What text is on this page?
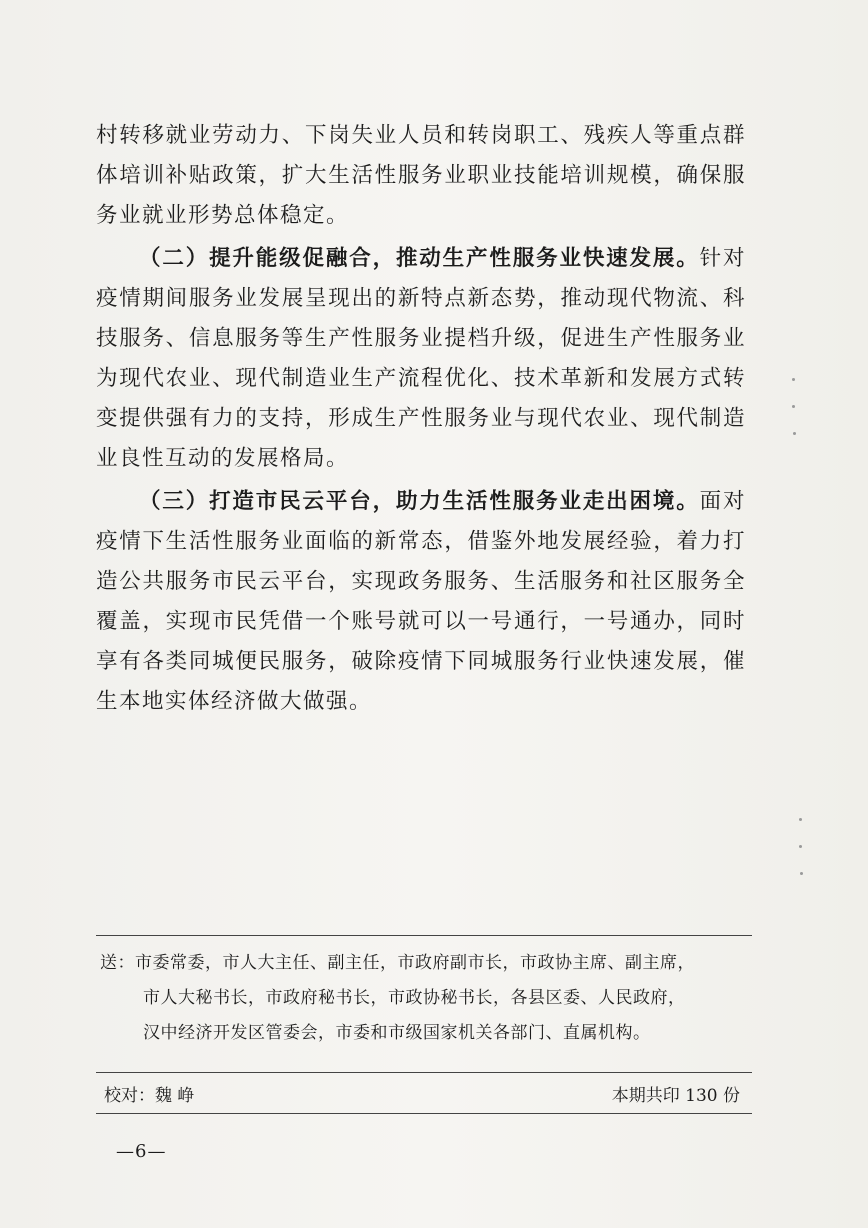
村转移就业劳动力、下岗失业人员和转岗职工、残疾人等重点群体培训补贴政策，扩大生活性服务业职业技能培训规模，确保服务业就业形势总体稳定。

（二）提升能级促融合，推动生产性服务业快速发展。针对疫情期间服务业发展呈现出的新特点新态势，推动现代物流、科技服务、信息服务等生产性服务业提档升级，促进生产性服务业为现代农业、现代制造业生产流程优化、技术革新和发展方式转变提供强有力的支持，形成生产性服务业与现代农业、现代制造业良性互动的发展格局。

（三）打造市民云平台，助力生活性服务业走出困境。面对疫情下生活性服务业面临的新常态，借鉴外地发展经验，着力打造公共服务市民云平台，实现政务服务、生活服务和社区服务全覆盖，实现市民凭借一个账号就可以一号通行，一号通办，同时享有各类同城便民服务，破除疫情下同城服务行业快速发展，催生本地实体经济做大做强。

送：市委常委，市人大主任、副主任，市政府副市长，市政协主席、副主席，
市人大秘书长，市政府秘书长，市政协秘书长，各县区委、人民政府，
汉中经济开发区管委会，市委和市级国家机关各部门、直属机构。
校对：魏 峥	本期共印 130 份
—6—
